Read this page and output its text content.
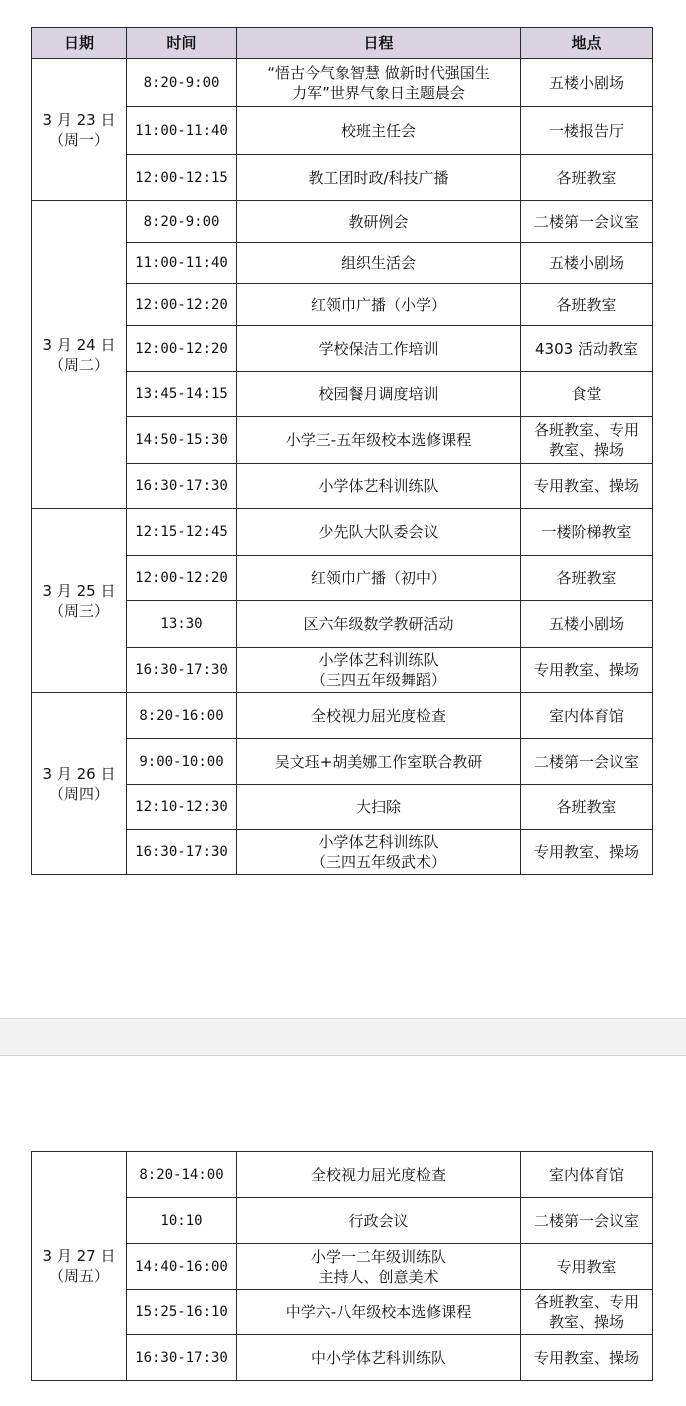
日期	时间	日程	地点

3 月 23 日
（周一）	8:20-9:00	“悟古今气象智慧 做新时代强国生
力军”世界气象日主题晨会	五楼小剧场

	11:00-11:40	校班主任会	一楼报告厅

	12:00-12:15	教工团时政/科技广播	各班教室

3 月 24 日
（周二）	8:20-9:00	教研例会	二楼第一会议室

	11:00-11:40	组织生活会	五楼小剧场

	12:00-12:20	红领巾广播（小学）	各班教室

	12:00-12:20	学校保洁工作培训	4303 活动教室

	13:45-14:15	校园餐月调度培训	食堂

	14:50-15:30	小学三-五年级校本选修课程	各班教室、专用
教室、操场

	16:30-17:30	小学体艺科训练队	专用教室、操场

3 月 25 日
（周三）	12:15-12:45	少先队大队委会议	一楼阶梯教室

	12:00-12:20	红领巾广播（初中）	各班教室

	13:30	区六年级数学教研活动	五楼小剧场

	16:30-17:30	小学体艺科训练队
（三四五年级舞蹈）	专用教室、操场

3 月 26 日
（周四）	8:20-16:00	全校视力屈光度检查	室内体育馆

	9:00-10:00	吴文珏+胡美娜工作室联合教研	二楼第一会议室

	12:10-12:30	大扫除	各班教室

	16:30-17:30	小学体艺科训练队
（三四五年级武术）	专用教室、操场
3 月 27 日
（周五）	8:20-14:00	全校视力屈光度检查	室内体育馆

	10:10	行政会议	二楼第一会议室

	14:40-16:00	小学一二年级训练队
主持人、创意美术	专用教室

	15:25-16:10	中学六-八年级校本选修课程	各班教室、专用
教室、操场

	16:30-17:30	中小学体艺科训练队	专用教室、操场
